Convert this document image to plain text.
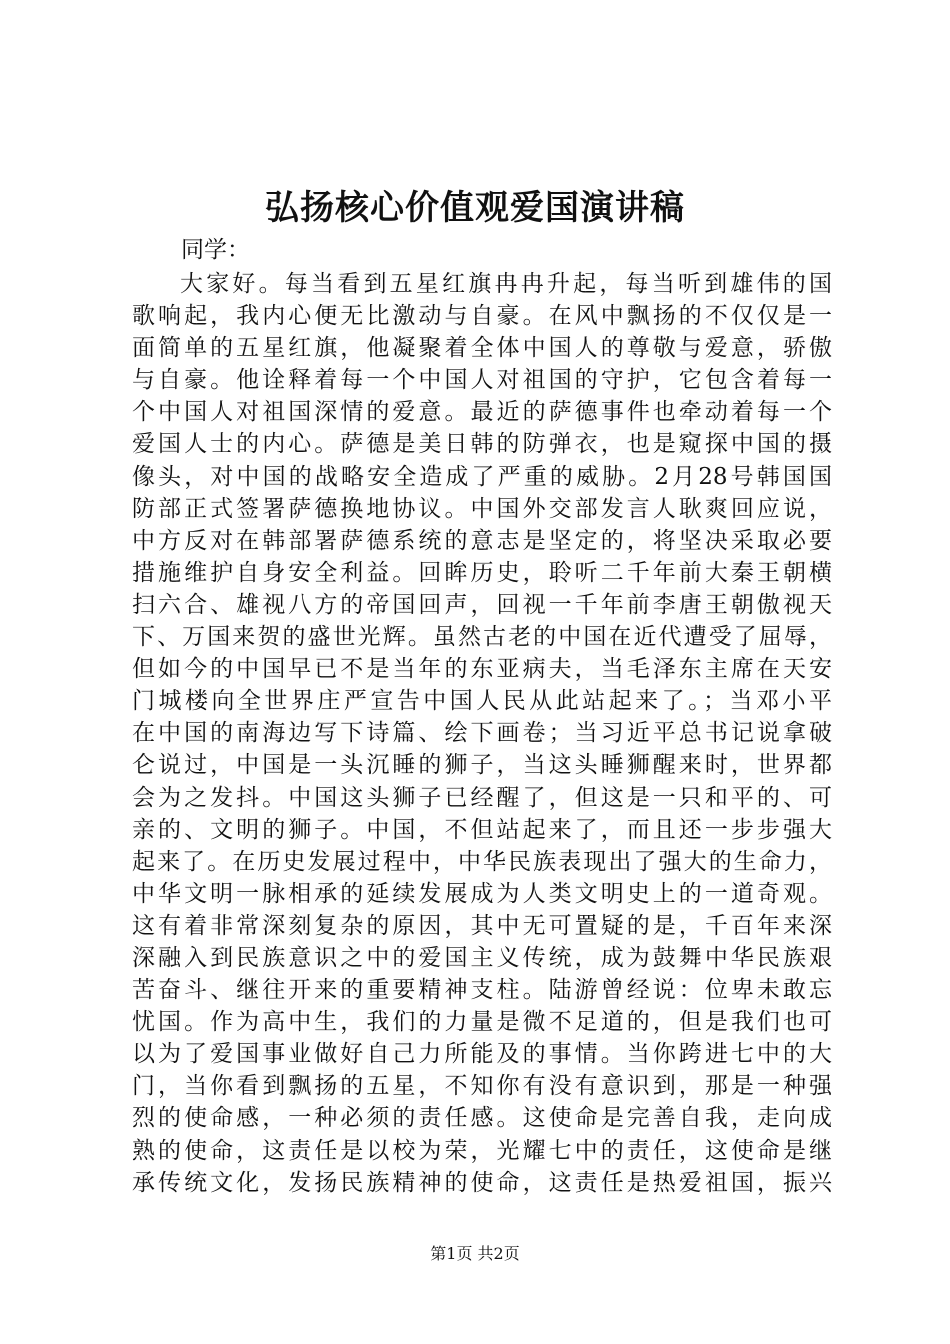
弘扬核心价值观爱国演讲稿

同学：

大家好。每当看到五星红旗冉冉升起，每当听到雄伟的国
歌响起，我内心便无比激动与自豪。在风中飘扬的不仅仅是一
面简单的五星红旗，他凝聚着全体中国人的尊敬与爱意，骄傲
与自豪。他诠释着每一个中国人对祖国的守护，它包含着每一
个中国人对祖国深情的爱意。最近的萨德事件也牵动着每一个
爱国人士的内心。萨德是美日韩的防弹衣，也是窥探中国的摄
像头，对中国的战略安全造成了严重的威胁。2月28号韩国国
防部正式签署萨德换地协议。中国外交部发言人耿爽回应说，
中方反对在韩部署萨德系统的意志是坚定的，将坚决采取必要
措施维护自身安全利益。回眸历史，聆听二千年前大秦王朝横
扫六合、雄视八方的帝国回声，回视一千年前李唐王朝傲视天
下、万国来贺的盛世光辉。虽然古老的中国在近代遭受了屈辱，
但如今的中国早已不是当年的东亚病夫，当毛泽东主席在天安
门城楼向全世界庄严宣告中国人民从此站起来了。；当邓小平
在中国的南海边写下诗篇、绘下画卷；当习近平总书记说拿破
仑说过，中国是一头沉睡的狮子，当这头睡狮醒来时，世界都
会为之发抖。中国这头狮子已经醒了，但这是一只和平的、可
亲的、文明的狮子。中国，不但站起来了，而且还一步步强大
起来了。在历史发展过程中，中华民族表现出了强大的生命力，
中华文明一脉相承的延续发展成为人类文明史上的一道奇观。
这有着非常深刻复杂的原因，其中无可置疑的是，千百年来深
深融入到民族意识之中的爱国主义传统，成为鼓舞中华民族艰
苦奋斗、继往开来的重要精神支柱。陆游曾经说：位卑未敢忘
忧国。作为高中生，我们的力量是微不足道的，但是我们也可
以为了爱国事业做好自己力所能及的事情。当你跨进七中的大
门，当你看到飘扬的五星，不知你有没有意识到，那是一种强
烈的使命感，一种必须的责任感。这使命是完善自我，走向成
熟的使命，这责任是以校为荣，光耀七中的责任，这使命是继
承传统文化，发扬民族精神的使命，这责任是热爱祖国，振兴
第1页 共2页
